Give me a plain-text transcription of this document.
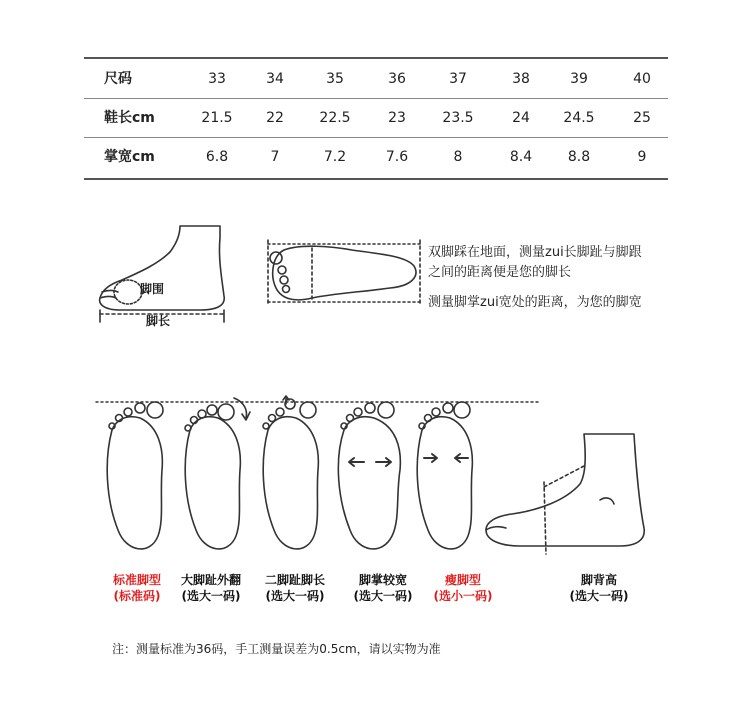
尺码	33	34	35	36	37	38	39	40
鞋长cm	21.5	22	22.5	23	23.5	24	24.5	25
掌宽cm	6.8	7	7.2	7.6	8	8.4	8.8	9
脚围
脚长
双脚踩在地面，测量zui长脚趾与脚跟
之间的距离便是您的脚长
测量脚掌zui宽处的距离，为您的脚宽
标准脚型
(标准码)
大脚趾外翻
(选大一码)
二脚趾脚长
(选大一码)
脚掌较宽
(选大一码)
瘦脚型
(选小一码)
脚背高
(选大一码)
注：测量标准为36码，手工测量误差为0.5cm，请以实物为准
